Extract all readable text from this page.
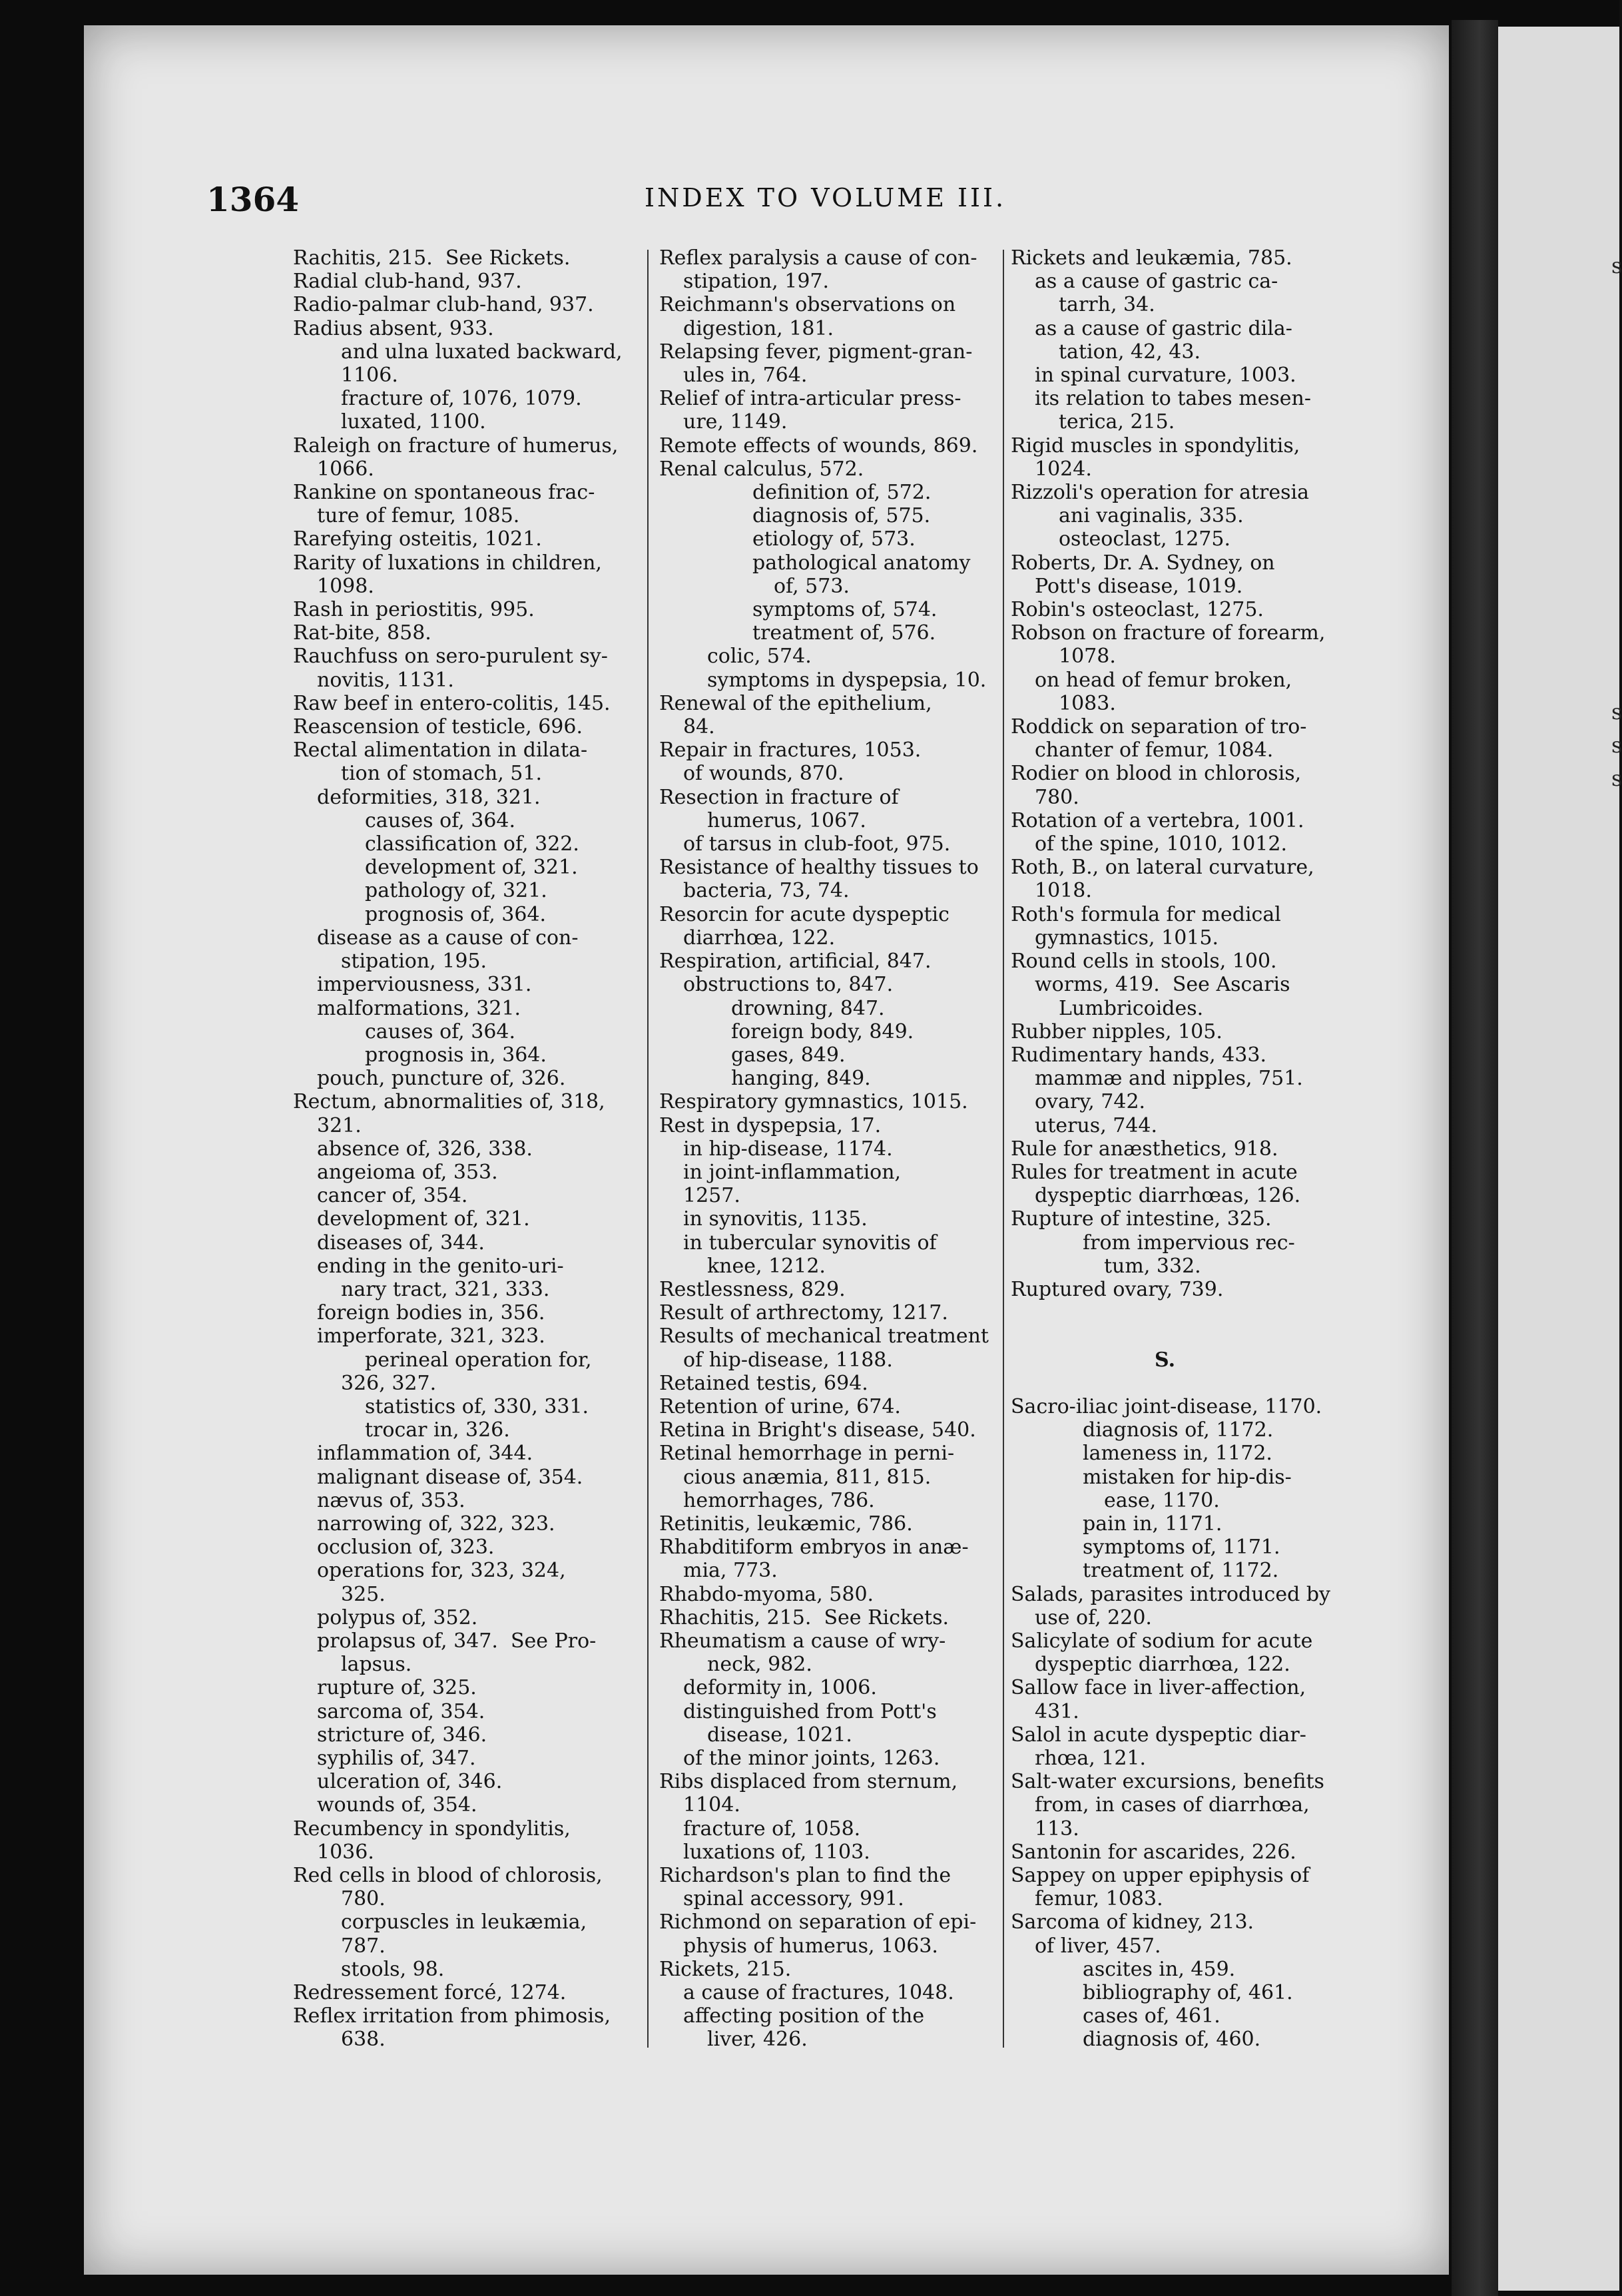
s
s
s
s

1364	INDEX TO VOLUME III.

Rachitis, 215.  See Rickets.

Radial club-hand, 937.

Radio-palmar club-hand, 937.

Radius absent, 933.

and ulna luxated backward,

1106.

fracture of, 1076, 1079.

luxated, 1100.

Raleigh on fracture of humerus,

1066.

Rankine on spontaneous frac-

ture of femur, 1085.

Rarefying osteitis, 1021.

Rarity of luxations in children,

1098.

Rash in periostitis, 995.

Rat-bite, 858.

Rauchfuss on sero-purulent sy-

novitis, 1131.

Raw beef in entero-colitis, 145.

Reascension of testicle, 696.

Rectal alimentation in dilata-

tion of stomach, 51.

deformities, 318, 321.

causes of, 364.

classification of, 322.

development of, 321.

pathology of, 321.

prognosis of, 364.

disease as a cause of con-

stipation, 195.

imperviousness, 331.

malformations, 321.

causes of, 364.

prognosis in, 364.

pouch, puncture of, 326.

Rectum, abnormalities of, 318,

321.

absence of, 326, 338.

angeioma of, 353.

cancer of, 354.

development of, 321.

diseases of, 344.

ending in the genito-uri-

nary tract, 321, 333.

foreign bodies in, 356.

imperforate, 321, 323.

perineal operation for,

326, 327.

statistics of, 330, 331.

trocar in, 326.

inflammation of, 344.

malignant disease of, 354.

nævus of, 353.

narrowing of, 322, 323.

occlusion of, 323.

operations for, 323, 324,

325.

polypus of, 352.

prolapsus of, 347.  See Pro-

lapsus.

rupture of, 325.

sarcoma of, 354.

stricture of, 346.

syphilis of, 347.

ulceration of, 346.

wounds of, 354.

Recumbency in spondylitis,

1036.

Red cells in blood of chlorosis,

780.

corpuscles in leukæmia,

787.

stools, 98.

Redressement forcé, 1274.

Reflex irritation from phimosis,

638.

Reflex paralysis a cause of con-

stipation, 197.

Reichmann's observations on

digestion, 181.

Relapsing fever, pigment-gran-

ules in, 764.

Relief of intra-articular press-

ure, 1149.

Remote effects of wounds, 869.

Renal calculus, 572.

definition of, 572.

diagnosis of, 575.

etiology of, 573.

pathological anatomy

of, 573.

symptoms of, 574.

treatment of, 576.

colic, 574.

symptoms in dyspepsia, 10.

Renewal of the epithelium,

84.

Repair in fractures, 1053.

of wounds, 870.

Resection in fracture of

humerus, 1067.

of tarsus in club-foot, 975.

Resistance of healthy tissues to

bacteria, 73, 74.

Resorcin for acute dyspeptic

diarrhœa, 122.

Respiration, artificial, 847.

obstructions to, 847.

drowning, 847.

foreign body, 849.

gases, 849.

hanging, 849.

Respiratory gymnastics, 1015.

Rest in dyspepsia, 17.

in hip-disease, 1174.

in joint-inflammation,

1257.

in synovitis, 1135.

in tubercular synovitis of

knee, 1212.

Restlessness, 829.

Result of arthrectomy, 1217.

Results of mechanical treatment

of hip-disease, 1188.

Retained testis, 694.

Retention of urine, 674.

Retina in Bright's disease, 540.

Retinal hemorrhage in perni-

cious anæmia, 811, 815.

hemorrhages, 786.

Retinitis, leukæmic, 786.

Rhabditiform embryos in anæ-

mia, 773.

Rhabdo-myoma, 580.

Rhachitis, 215.  See Rickets.

Rheumatism a cause of wry-

neck, 982.

deformity in, 1006.

distinguished from Pott's

disease, 1021.

of the minor joints, 1263.

Ribs displaced from sternum,

1104.

fracture of, 1058.

luxations of, 1103.

Richardson's plan to find the

spinal accessory, 991.

Richmond on separation of epi-

physis of humerus, 1063.

Rickets, 215.

a cause of fractures, 1048.

affecting position of the

liver, 426.

Rickets and leukæmia, 785.

as a cause of gastric ca-

tarrh, 34.

as a cause of gastric dila-

tation, 42, 43.

in spinal curvature, 1003.

its relation to tabes mesen-

terica, 215.

Rigid muscles in spondylitis,

1024.

Rizzoli's operation for atresia

ani vaginalis, 335.

osteoclast, 1275.

Roberts, Dr. A. Sydney, on

Pott's disease, 1019.

Robin's osteoclast, 1275.

Robson on fracture of forearm,

1078.

on head of femur broken,

1083.

Roddick on separation of tro-

chanter of femur, 1084.

Rodier on blood in chlorosis,

780.

Rotation of a vertebra, 1001.

of the spine, 1010, 1012.

Roth, B., on lateral curvature,

1018.

Roth's formula for medical

gymnastics, 1015.

Round cells in stools, 100.

worms, 419.  See Ascaris

Lumbricoides.

Rubber nipples, 105.

Rudimentary hands, 433.

mammæ and nipples, 751.

ovary, 742.

uterus, 744.

Rule for anæsthetics, 918.

Rules for treatment in acute

dyspeptic diarrhœas, 126.

Rupture of intestine, 325.

from impervious rec-

tum, 332.

Ruptured ovary, 739.

S.

Sacro-iliac joint-disease, 1170.

diagnosis of, 1172.

lameness in, 1172.

mistaken for hip-dis-

ease, 1170.

pain in, 1171.

symptoms of, 1171.

treatment of, 1172.

Salads, parasites introduced by

use of, 220.

Salicylate of sodium for acute

dyspeptic diarrhœa, 122.

Sallow face in liver-affection,

431.

Salol in acute dyspeptic diar-

rhœa, 121.

Salt-water excursions, benefits

from, in cases of diarrhœa,

113.

Santonin for ascarides, 226.

Sappey on upper epiphysis of

femur, 1083.

Sarcoma of kidney, 213.

of liver, 457.

ascites in, 459.

bibliography of, 461.

cases of, 461.

diagnosis of, 460.
